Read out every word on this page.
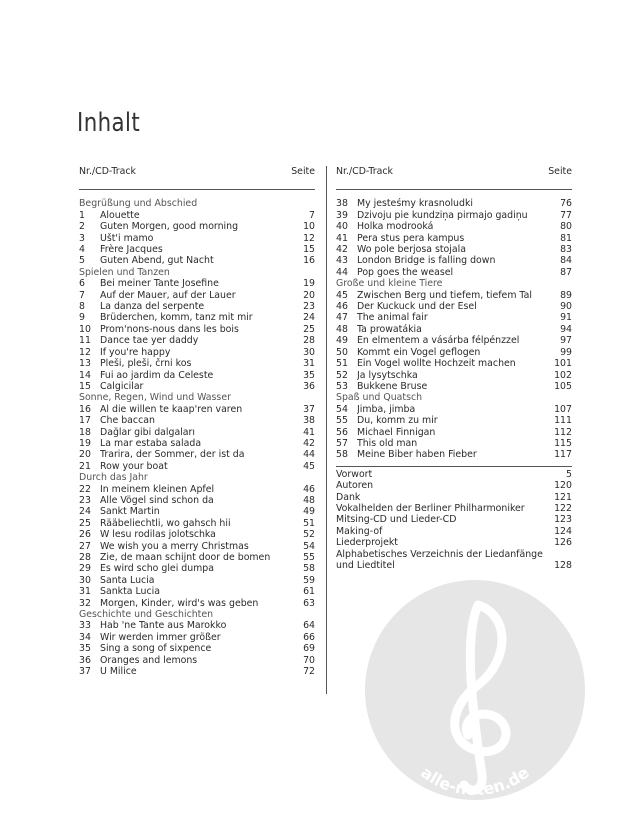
Inhalt
Nr./CD-Track	Seite
Begrüßung und Abschied
1	Alouette	7
2	Guten Morgen, good morning	10
3	Ušt'i mamo	12
4	Frère Jacques	15
5	Guten Abend, gut Nacht	16
Spielen und Tanzen
6	Bei meiner Tante Josefine	19
7	Auf der Mauer, auf der Lauer	20
8	La danza del serpente	23
9	Brüderchen, komm, tanz mit mir	24
10 Prom'nons-nous dans les bois	25
11 Dance tae yer daddy	28
12 If you're happy	30
13 Pleši, pleši, črni kos	31
14 Fui ao jardim da Celeste	35
15 Calgicilar	36
Sonne, Regen, Wind und Wasser
16 Al die willen te kaap'ren varen	37
17 Che baccan	38
18 Dağlar gibi dalgaları	41
19 La mar estaba salada	42
20 Trarira, der Sommer, der ist da	44
21 Row your boat	45
Durch das Jahr
22 In meinem kleinen Apfel	46
23 Alle Vögel sind schon da	48
24 Sankt Martin	49
25 Rääbeliechtli, wo gahsch hii	51
26 W lesu rodilas jolotschka	52
27 We wish you a merry Christmas	54
28 Zie, de maan schijnt door de bomen	55
29 Es wird scho glei dumpa	58
30 Santa Lucia	59
31 Sankta Lucia	61
32 Morgen, Kinder, wird's was geben	63
Geschichte und Geschichten
33 Hab 'ne Tante aus Marokko	64
34 Wir werden immer größer	66
35 Sing a song of sixpence	69
36 Oranges and lemons	70
37 U Milice	72
Nr./CD-Track	Seite
38 My jesteśmy krasnoludki	76
39 Dzivoju pie kundziņa pirmajo gadiņu	77
40 Holka modrooká	80
41 Pera stus pera kampus	81
42 Wo pole berjosa stojala	83
43 London Bridge is falling down	84
44 Pop goes the weasel	87
Große und kleine Tiere
45 Zwischen Berg und tiefem, tiefem Tal	89
46 Der Kuckuck und der Esel	90
47 The animal fair	91
48 Ta prowatákia	94
49 Én elmentem a vásárba félpénzzel	97
50 Kommt ein Vogel geflogen	99
51 Ein Vogel wollte Hochzeit machen	101
52 Ja lysytschka	102
53 Bukkene Bruse	105
Spaß und Quatsch
54 Jimba, jimba	107
55 Du, komm zu mir	111
56 Michael Finnigan	112
57 This old man	115
58 Meine Biber haben Fieber	117
Vorwort	5
Autoren	120
Dank	121
Vokalhelden der Berliner Philharmoniker	122
Mitsing-CD und Lieder-CD	123
Making-of	124
Liederprojekt	126
Alphabetisches Verzeichnis der Liedanfänge
und Liedtitel	128
alle-noten.de
